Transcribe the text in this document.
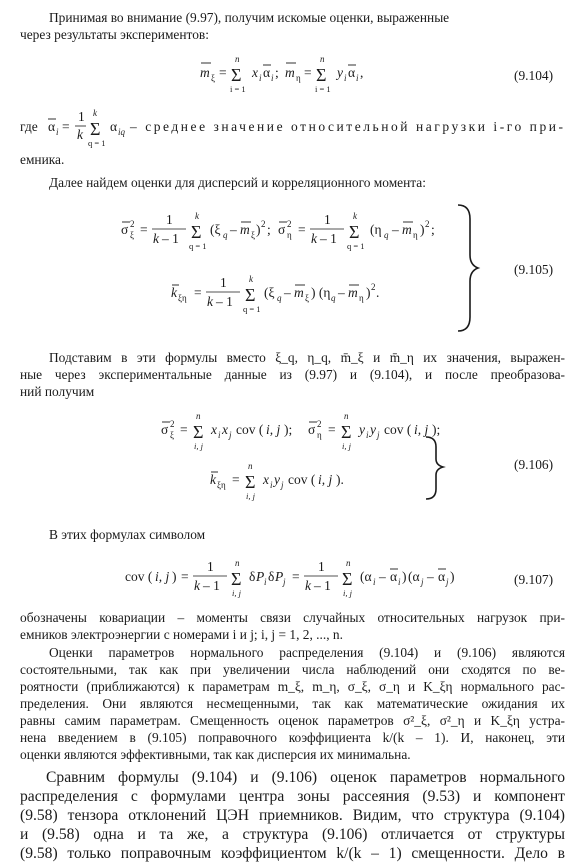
Принимая во внимание (9.97), получим искомые оценки, выраженные
через результаты экспериментов:
m ξ =
n
Σ
i = 1
x i α i ; m η =
n
Σ
i = 1
y i α i ,	(9.104)
где α i =
1
k
k
Σ
q = 1
α iq – среднее значение относительной нагрузки i-го при-
емника.
Далее найдем оценки для дисперсий и корреляционного момента:
σ 2
ξ =
1
k – 1
k
Σ
q = 1
(ξ q – m ξ ) 2 ; σ 2
η =
1
k – 1
k
Σ
q = 1
(η q – m η ) 2 ;
k ξη =
1
k – 1
k
Σ
q = 1
(ξ q – m ξ ) (η q – m η ) 2 .
(9.105)
Подставим в эти формулы вместо ξ_q, η_q, m̄_ξ и m̄_η их значения, выражен-
ные через экспериментальные данные из (9.97) и (9.104), и после преобразова-
ний получим
σ 2
ξ =
n
Σ
i, j
x i x j cov ( i, j ); σ 2
η =
n
Σ
i, j
y i y j cov ( i, j );
k ξη =
n
Σ
i, j
x i y j cov ( i, j ).
(9.106)
В этих формулах символом
cov ( i, j ) =
1
k – 1
n
Σ
i, j
δ P i δ P j =
1
k – 1
n
Σ
i, j
(α i – α i ) (α j – α j )	(9.107)
обозначены ковариации – моменты связи случайных относительных нагрузок при-
емников электроэнергии с номерами i и j; i, j = 1, 2, ..., n.
Оценки параметров нормального распределения (9.104) и (9.106) являются
состоятельными, так как при увеличении числа наблюдений они сходятся по ве-
роятности (приближаются) к параметрам m_ξ, m_η, σ_ξ, σ_η и K_ξη нормального рас-
пределения. Они являются несмещенными, так как математические ожидания их
равны самим параметрам. Смещенность оценок параметров σ²_ξ, σ²_η и K_ξη устра-
нена введением в (9.105) поправочного коэффициента k/(k – 1). И, наконец, эти
оценки являются эффективными, так как дисперсия их минимальна.
Сравним формулы (9.104) и (9.106) оценок параметров нормального
распределения с формулами центра зоны рассеяния (9.53) и компонент
(9.58) тензора отклонений ЦЭН приемников. Видим, что структура (9.104)
и (9.58) одна и та же, а структура (9.106) отличается от структуры
(9.58) только поправочным коэффициентом k/(k – 1) смещенности. Дело в
